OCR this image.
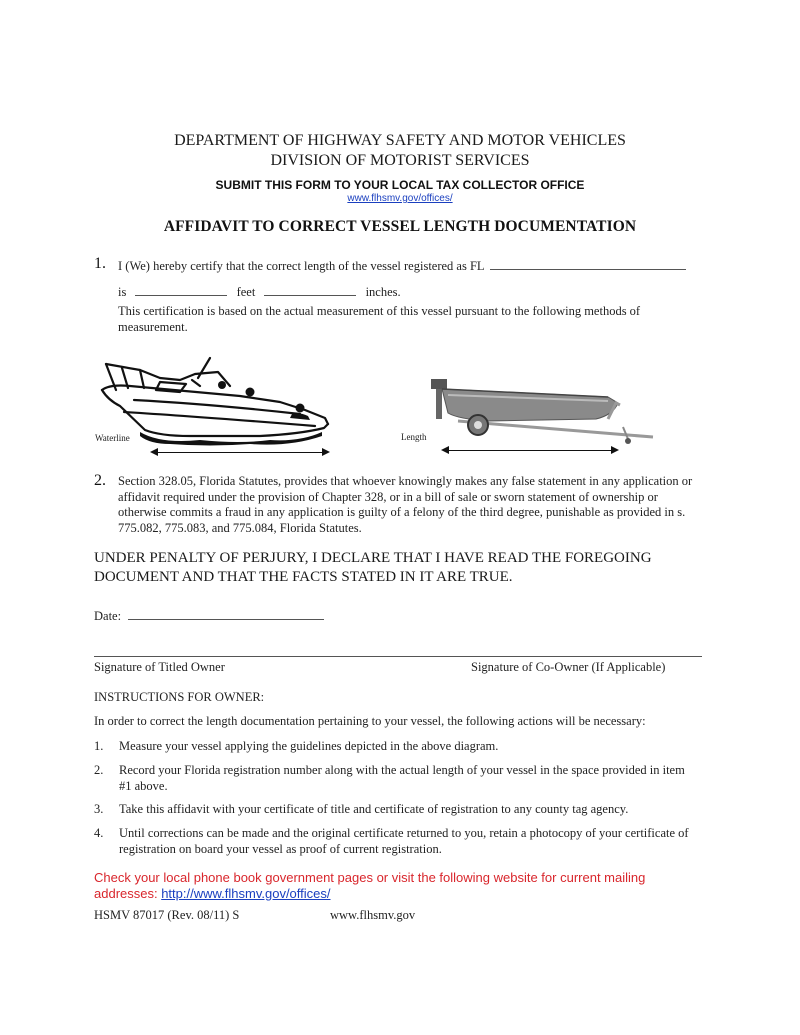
DEPARTMENT OF HIGHWAY SAFETY AND MOTOR VEHICLES
DIVISION OF MOTORIST SERVICES
SUBMIT THIS FORM TO YOUR LOCAL TAX COLLECTOR OFFICE
www.flhsmv.gov/offices/
AFFIDAVIT TO CORRECT VESSEL LENGTH DOCUMENTATION
1. I (We) hereby certify that the correct length of the vessel registered as FL
is	feet	inches.
This certification is based on the actual measurement of this vessel pursuant to the following methods of measurement.
Waterline	Length
2. Section 328.05, Florida Statutes, provides that whoever knowingly makes any false statement in any application or affidavit required under the provision of Chapter 328, or in a bill of sale or sworn statement of ownership or otherwise commits a fraud in any application is guilty of a felony of the third degree, punishable as provided in s. 775.082, 775.083, and 775.084, Florida Statutes.
UNDER PENALTY OF PERJURY, I DECLARE THAT I HAVE READ THE FOREGOING DOCUMENT AND THAT THE FACTS STATED IN IT ARE TRUE.
Date:
Signature of Titled Owner	Signature of Co-Owner (If Applicable)
INSTRUCTIONS FOR OWNER:
In order to correct the length documentation pertaining to your vessel, the following actions will be necessary:
1. Measure your vessel applying the guidelines depicted in the above diagram.
2. Record your Florida registration number along with the actual length of your vessel in the space provided in item #1 above.
3. Take this affidavit with your certificate of title and certificate of registration to any county tag agency.
4. Until corrections can be made and the original certificate returned to you, retain a photocopy of your certificate of registration on board your vessel as proof of current registration.
Check your local phone book government pages or visit the following website for current mailing addresses: http://www.flhsmv.gov/offices/
HSMV 87017 (Rev. 08/11) S	www.flhsmv.gov
